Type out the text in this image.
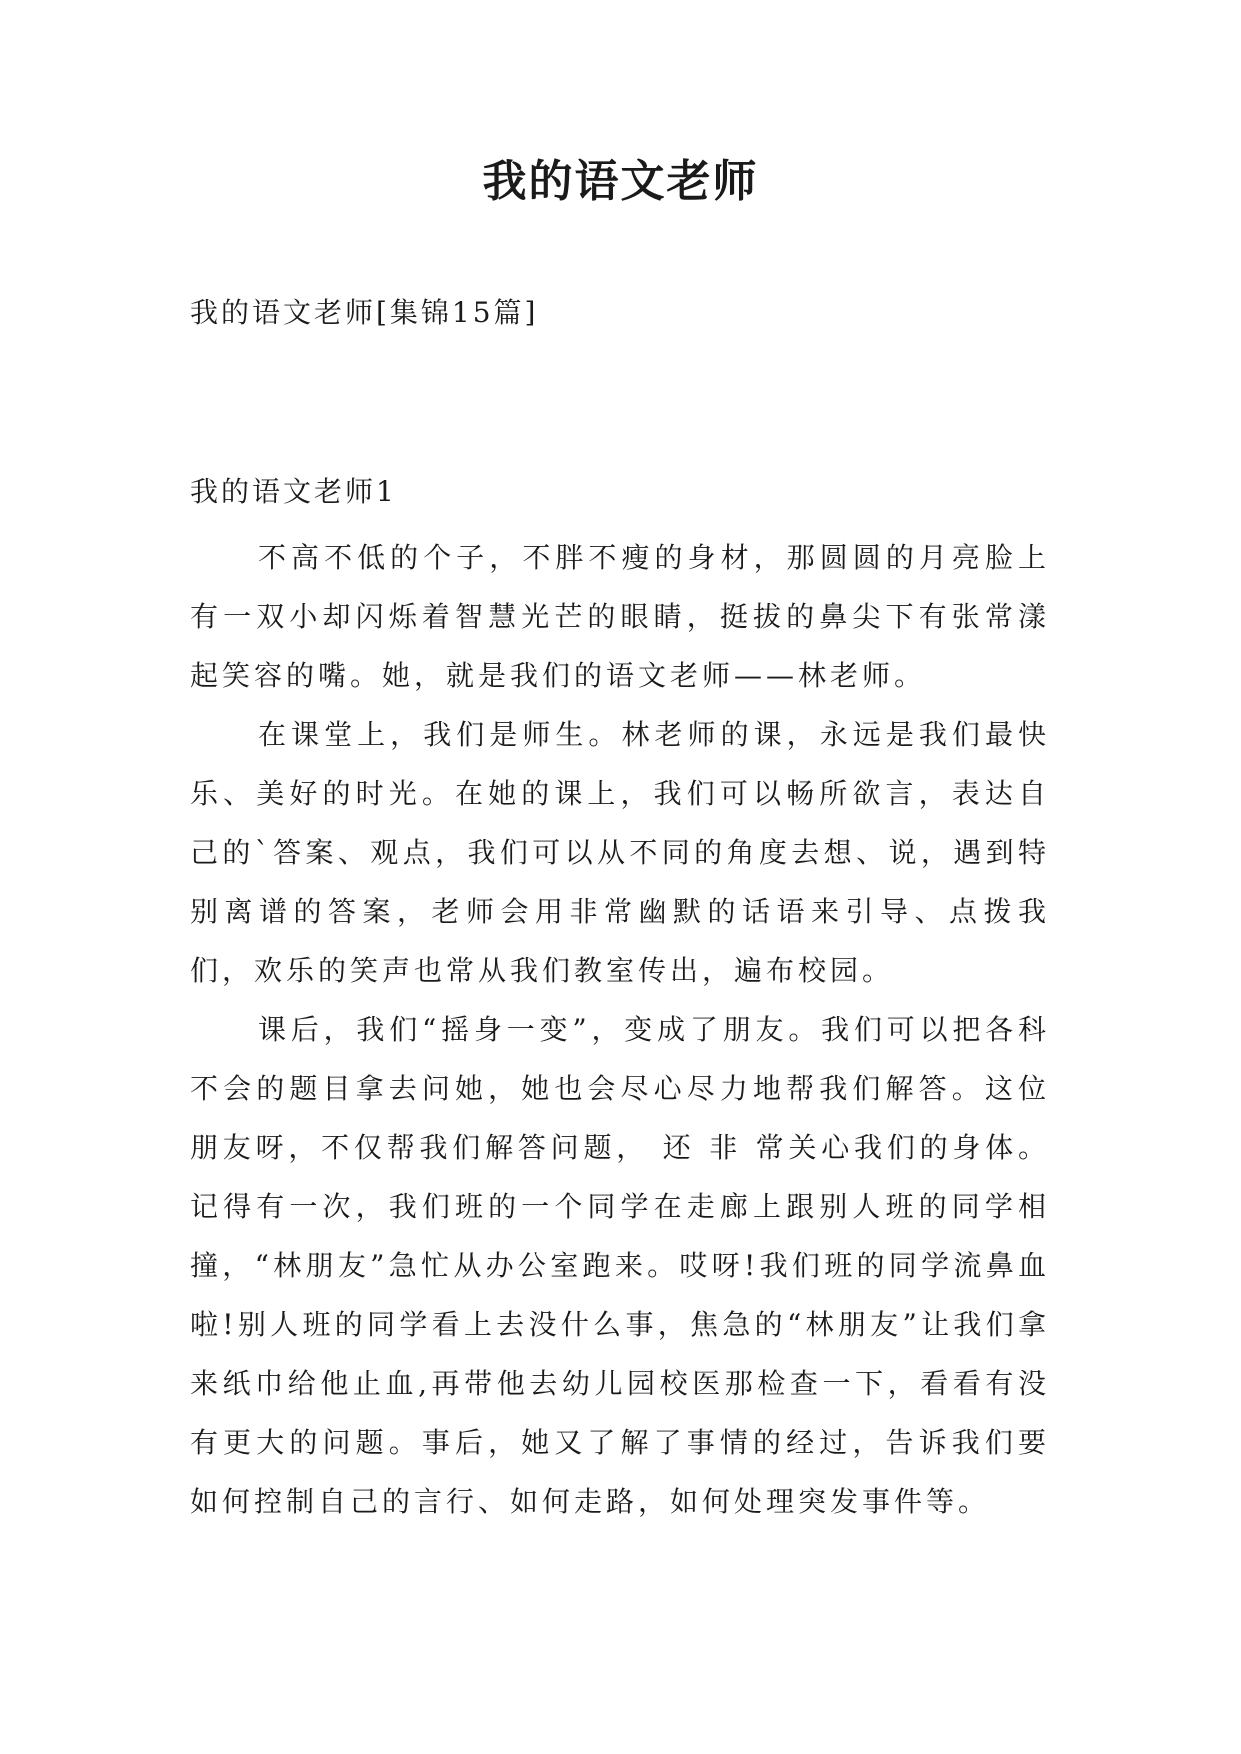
我的语文老师
我的语文老师[集锦15篇]
我的语文老师1

不高不低的个子，不胖不瘦的身材，那圆圆的月亮脸上有一双小却闪烁着智慧光芒的眼睛，挺拔的鼻尖下有张常漾起笑容的嘴。她，就是我们的语文老师——林老师。

在课堂上，我们是师生。林老师的课，永远是我们最快乐、美好的时光。在她的课上，我们可以畅所欲言，表达自己的`答案、观点，我们可以从不同的角度去想、说，遇到特别离谱的答案，老师会用非常幽默的话语来引导、点拨我们，欢乐的笑声也常从我们教室传出，遍布校园。

课后，我们“摇身一变”，变成了朋友。我们可以把各科不会的题目拿去问她，她也会尽心尽力地帮我们解答。这位朋友呀，不仅帮我们解答问题， 还 非 常关心我们的身体。记得有一次，我们班的一个同学在走廊上跟别人班的同学相撞，“林朋友”急忙从办公室跑来。哎呀!我们班的同学流鼻血啦!别人班的同学看上去没什么事，焦急的“林朋友”让我们拿来纸巾给他止血,再带他去幼儿园校医那检查一下，看看有没有更大的问题。事后，她又了解了事情的经过，告诉我们要如何控制自己的言行、如何走路，如何处理突发事件等。
